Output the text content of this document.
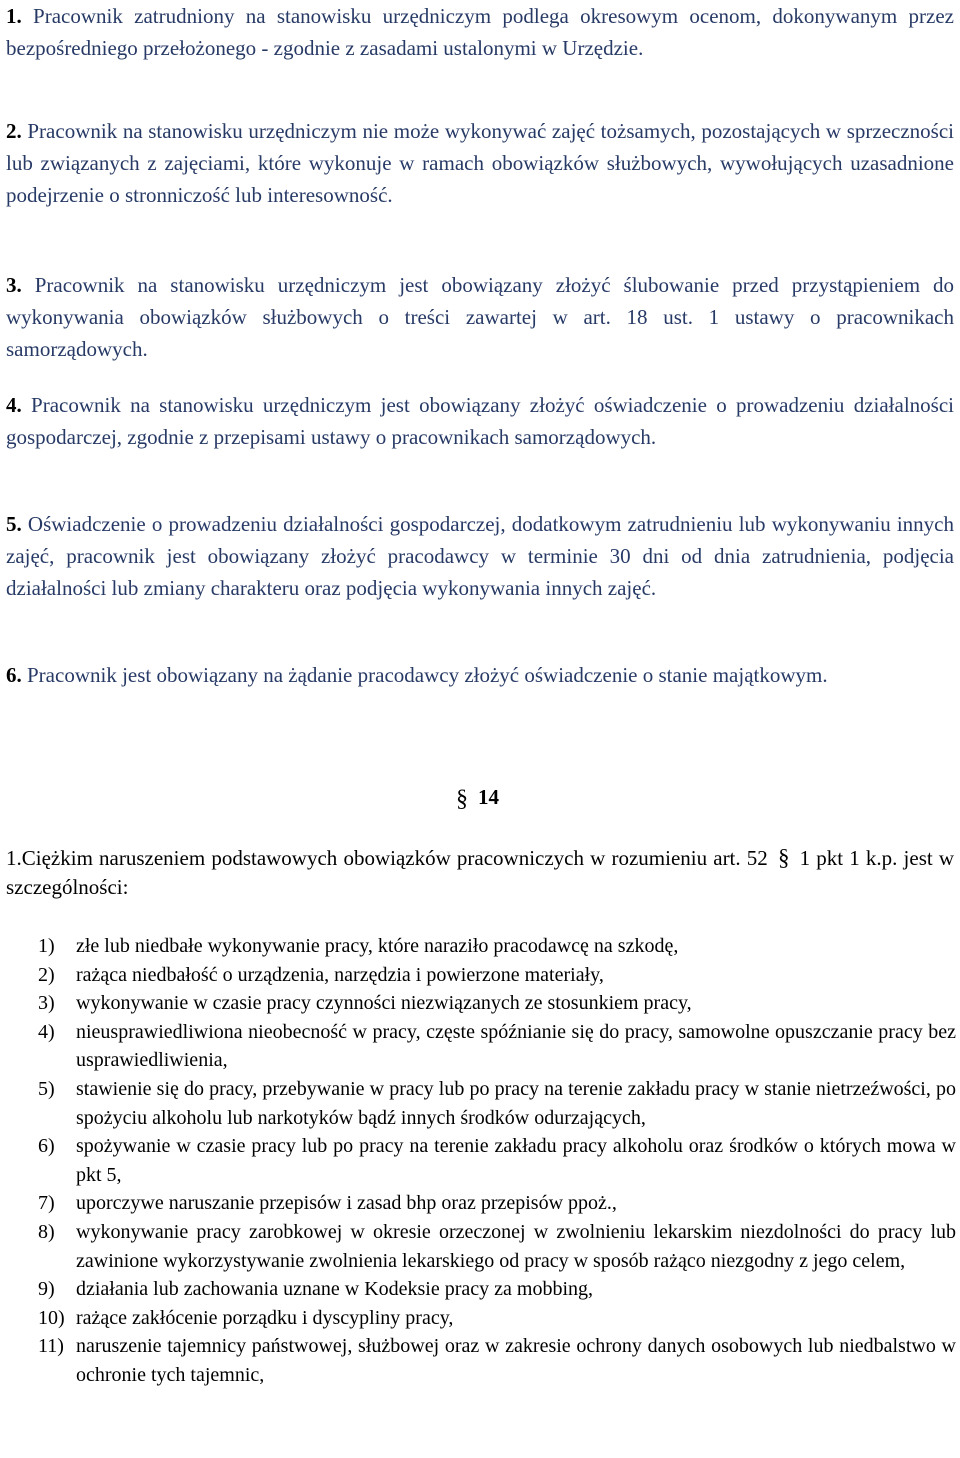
1. Pracownik zatrudniony na stanowisku urzędniczym podlega okresowym ocenom, dokonywanym przez bezpośredniego przełożonego - zgodnie z zasadami ustalonymi w Urzędzie.
2. Pracownik na stanowisku urzędniczym nie może wykonywać zajęć tożsamych, pozostających w sprzeczności lub związanych z zajęciami, które wykonuje w ramach obowiązków służbowych, wywołujących uzasadnione podejrzenie o stronniczość lub interesowność.
3. Pracownik na stanowisku urzędniczym jest obowiązany złożyć ślubowanie przed przystąpieniem do wykonywania obowiązków służbowych o treści zawartej w art. 18 ust. 1 ustawy o pracownikach samorządowych.
4. Pracownik na stanowisku urzędniczym jest obowiązany złożyć oświadczenie o prowadzeniu działalności gospodarczej, zgodnie z przepisami ustawy o pracownikach samorządowych.
5. Oświadczenie o prowadzeniu działalności gospodarczej, dodatkowym zatrudnieniu lub wykonywaniu innych zajęć, pracownik jest obowiązany złożyć pracodawcy w terminie 30 dni od dnia zatrudnienia, podjęcia działalności lub zmiany charakteru oraz podjęcia wykonywania innych zajęć.
6. Pracownik jest obowiązany na żądanie pracodawcy złożyć oświadczenie o stanie majątkowym.
§ 14
1.Ciężkim naruszeniem podstawowych obowiązków pracowniczych w rozumieniu art. 52 § 1 pkt 1 k.p. jest w szczególności:
1)	złe lub niedbałe wykonywanie pracy, które naraziło pracodawcę na szkodę,
2)	rażąca niedbałość o urządzenia, narzędzia i powierzone materiały,
3)	wykonywanie w czasie pracy czynności niezwiązanych ze stosunkiem pracy,
4)	nieusprawiedliwiona nieobecność w pracy, częste spóźnianie się do pracy, samowolne opuszczanie pracy bez usprawiedliwienia,
5)	stawienie się do pracy, przebywanie w pracy lub po pracy na terenie zakładu pracy w stanie nietrzeźwości, po spożyciu alkoholu lub narkotyków bądź innych środków odurzających,
6)	spożywanie w czasie pracy lub po pracy na terenie zakładu pracy alkoholu oraz środków o których mowa w pkt 5,
7)	uporczywe naruszanie przepisów i zasad bhp oraz przepisów ppoż.,
8)	wykonywanie pracy zarobkowej w okresie orzeczonej w zwolnieniu lekarskim niezdolności do pracy lub zawinione wykorzystywanie zwolnienia lekarskiego od pracy w sposób rażąco niezgodny z jego celem,
9)	działania lub zachowania uznane w Kodeksie pracy za mobbing,
10) rażące zakłócenie porządku i dyscypliny pracy,
11) naruszenie tajemnicy państwowej, służbowej oraz w zakresie ochrony danych osobowych lub niedbalstwo w ochronie tych tajemnic,
